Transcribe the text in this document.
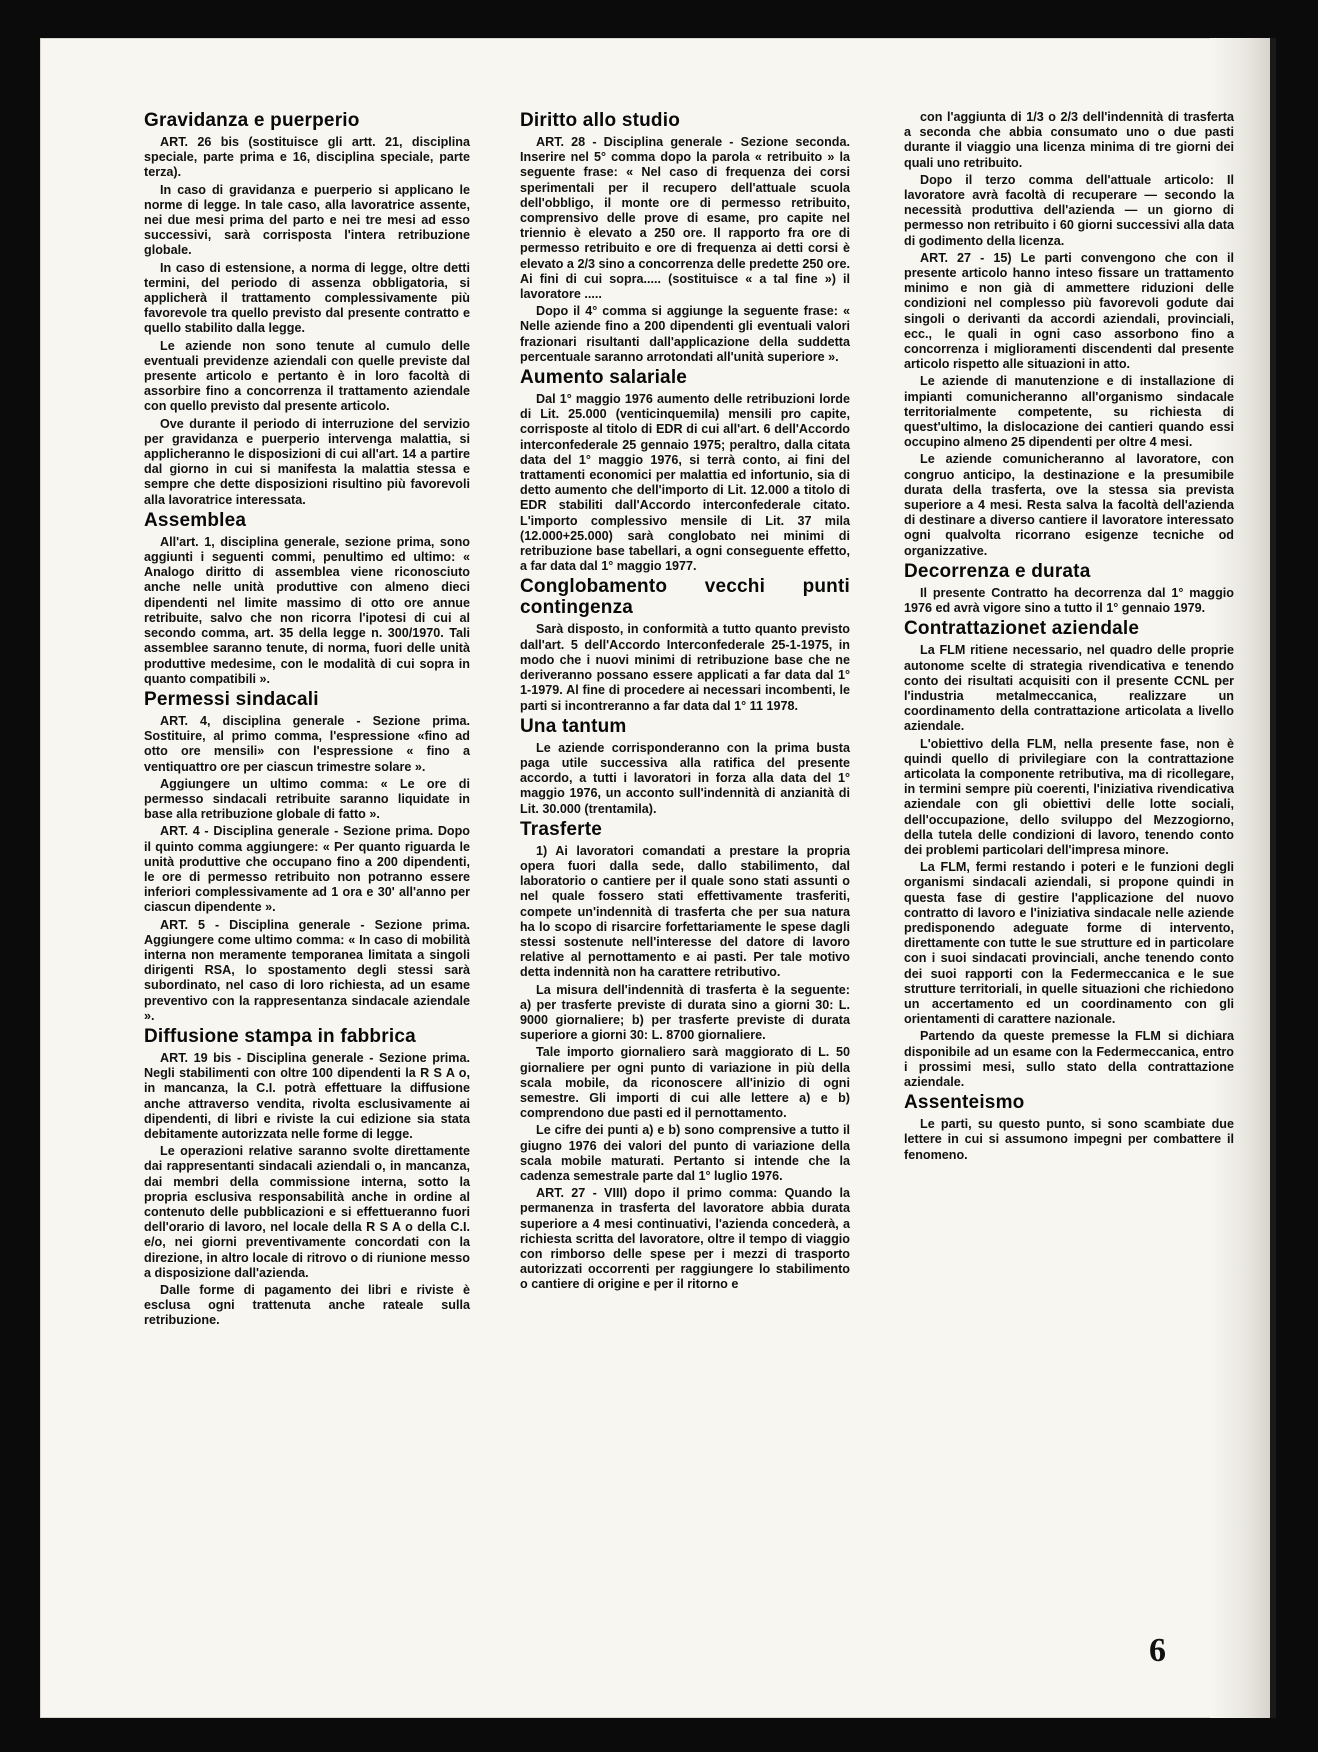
Gravidanza e puerperio

ART. 26 bis (sostituisce gli artt. 21, disciplina speciale, parte prima e 16, disciplina speciale, parte terza).

In caso di gravidanza e puerperio si applicano le norme di legge. In tale caso, alla lavoratrice assente, nei due mesi prima del parto e nei tre mesi ad esso successivi, sarà corrisposta l'intera retribuzione globale.

In caso di estensione, a norma di legge, oltre detti termini, del periodo di assenza obbligatoria, si applicherà il trattamento complessivamente più favorevole tra quello previsto dal presente contratto e quello stabilito dalla legge.

Le aziende non sono tenute al cumulo delle eventuali previdenze aziendali con quelle previste dal presente articolo e pertanto è in loro facoltà di assorbire fino a concorrenza il trattamento aziendale con quello previsto dal presente articolo.

Ove durante il periodo di interruzione del servizio per gravidanza e puerperio intervenga malattia, si applicheranno le disposizioni di cui all'art. 14 a partire dal giorno in cui si manifesta la malattia stessa e sempre che dette disposizioni risultino più favorevoli alla lavoratrice interessata.

Assemblea

All'art. 1, disciplina generale, sezione prima, sono aggiunti i seguenti commi, penultimo ed ultimo: « Analogo diritto di assemblea viene riconosciuto anche nelle unità produttive con almeno dieci dipendenti nel limite massimo di otto ore annue retribuite, salvo che non ricorra l'ipotesi di cui al secondo comma, art. 35 della legge n. 300/1970. Tali assemblee saranno tenute, di norma, fuori delle unità produttive medesime, con le modalità di cui sopra in quanto compatibili ».

Permessi sindacali

ART. 4, disciplina generale - Sezione prima. Sostituire, al primo comma, l'espressione «fino ad otto ore mensili» con l'espressione « fino a ventiquattro ore per ciascun trimestre solare ».

Aggiungere un ultimo comma: « Le ore di permesso sindacali retribuite saranno liquidate in base alla retribuzione globale di fatto ».

ART. 4 - Disciplina generale - Sezione prima. Dopo il quinto comma aggiungere: « Per quanto riguarda le unità produttive che occupano fino a 200 dipendenti, le ore di permesso retribuito non potranno essere inferiori complessivamente ad 1 ora e 30' all'anno per ciascun dipendente ».

ART. 5 - Disciplina generale - Sezione prima. Aggiungere come ultimo comma: « In caso di mobilità interna non meramente temporanea limitata a singoli dirigenti RSA, lo spostamento degli stessi sarà subordinato, nel caso di loro richiesta, ad un esame preventivo con la rappresentanza sindacale aziendale ».

Diffusione stampa in fabbrica

ART. 19 bis - Disciplina generale - Sezione prima. Negli stabilimenti con oltre 100 dipendenti la R S A o, in mancanza, la C.I. potrà effettuare la diffusione anche attraverso vendita, rivolta esclusivamente ai dipendenti, di libri e riviste la cui edizione sia stata debitamente autorizzata nelle forme di legge.

Le operazioni relative saranno svolte direttamente dai rappresentanti sindacali aziendali o, in mancanza, dai membri della commissione interna, sotto la propria esclusiva responsabilità anche in ordine al contenuto delle pubblicazioni e si effettueranno fuori dell'orario di lavoro, nel locale della R S A o della C.I. e/o, nei giorni preventivamente concordati con la direzione, in altro locale di ritrovo o di riunione messo a disposizione dall'azienda.

Dalle forme di pagamento dei libri e riviste è esclusa ogni trattenuta anche rateale sulla retribuzione.

Diritto allo studio

ART. 28 - Disciplina generale - Sezione seconda. Inserire nel 5° comma dopo la parola « retribuito » la seguente frase: « Nel caso di frequenza dei corsi sperimentali per il recupero dell'attuale scuola dell'obbligo, il monte ore di permesso retribuito, comprensivo delle prove di esame, pro capite nel triennio è elevato a 250 ore. Il rapporto fra ore di permesso retribuito e ore di frequenza ai detti corsi è elevato a 2/3 sino a concorrenza delle predette 250 ore. Ai fini di cui sopra..... (sostituisce « a tal fine ») il lavoratore .....

Dopo il 4° comma si aggiunge la seguente frase: « Nelle aziende fino a 200 dipendenti gli eventuali valori frazionari risultanti dall'applicazione della suddetta percentuale saranno arrotondati all'unità superiore ».

Aumento salariale

Dal 1° maggio 1976 aumento delle retribuzioni lorde di Lit. 25.000 (venticinquemila) mensili pro capite, corrisposte al titolo di EDR di cui all'art. 6 dell'Accordo interconfederale 25 gennaio 1975; peraltro, dalla citata data del 1° maggio 1976, si terrà conto, ai fini del trattamenti economici per malattia ed infortunio, sia di detto aumento che dell'importo di Lit. 12.000 a titolo di EDR stabiliti dall'Accordo interconfederale citato. L'importo complessivo mensile di Lit. 37 mila (12.000+25.000) sarà conglobato nei minimi di retribuzione base tabellari, a ogni conseguente effetto, a far data dal 1° maggio 1977.

Conglobamento vecchi punti contingenza

Sarà disposto, in conformità a tutto quanto previsto dall'art. 5 dell'Accordo Interconfederale 25-1-1975, in modo che i nuovi minimi di retribuzione base che ne deriveranno possano essere applicati a far data dal 1° 1-1979. Al fine di procedere ai necessari incombenti, le parti si incontreranno a far data dal 1° 11 1978.

Una tantum

Le aziende corrisponderanno con la prima busta paga utile successiva alla ratifica del presente accordo, a tutti i lavoratori in forza alla data del 1° maggio 1976, un acconto sull'indennità di anzianità di Lit. 30.000 (trentamila).

Trasferte

1) Ai lavoratori comandati a prestare la propria opera fuori dalla sede, dallo stabilimento, dal laboratorio o cantiere per il quale sono stati assunti o nel quale fossero stati effettivamente trasferiti, compete un'indennità di trasferta che per sua natura ha lo scopo di risarcire forfettariamente le spese dagli stessi sostenute nell'interesse del datore di lavoro relative al pernottamento e ai pasti. Per tale motivo detta indennità non ha carattere retributivo.

La misura dell'indennità di trasferta è la seguente: a) per trasferte previste di durata sino a giorni 30: L. 9000 giornaliere; b) per trasferte previste di durata superiore a giorni 30: L. 8700 giornaliere.

Tale importo giornaliero sarà maggiorato di L. 50 giornaliere per ogni punto di variazione in più della scala mobile, da riconoscere all'inizio di ogni semestre. Gli importi di cui alle lettere a) e b) comprendono due pasti ed il pernottamento.

Le cifre dei punti a) e b) sono comprensive a tutto il giugno 1976 dei valori del punto di variazione della scala mobile maturati. Pertanto si intende che la cadenza semestrale parte dal 1° luglio 1976.

ART. 27 - VIII) dopo il primo comma: Quando la permanenza in trasferta del lavoratore abbia durata superiore a 4 mesi continuativi, l'azienda concederà, a richiesta scritta del lavoratore, oltre il tempo di viaggio con rimborso delle spese per i mezzi di trasporto autorizzati occorrenti per raggiungere lo stabilimento o cantiere di origine e per il ritorno e

con l'aggiunta di 1/3 o 2/3 dell'indennità di trasferta a seconda che abbia consumato uno o due pasti durante il viaggio una licenza minima di tre giorni dei quali uno retribuito.

Dopo il terzo comma dell'attuale articolo: Il lavoratore avrà facoltà di recuperare — secondo la necessità produttiva dell'azienda — un giorno di permesso non retribuito i 60 giorni successivi alla data di godimento della licenza.

ART. 27 - 15) Le parti convengono che con il presente articolo hanno inteso fissare un trattamento minimo e non già di ammettere riduzioni delle condizioni nel complesso più favorevoli godute dai singoli o derivanti da accordi aziendali, provinciali, ecc., le quali in ogni caso assorbono fino a concorrenza i miglioramenti discendenti dal presente articolo rispetto alle situazioni in atto.

Le aziende di manutenzione e di installazione di impianti comunicheranno all'organismo sindacale territorialmente competente, su richiesta di quest'ultimo, la dislocazione dei cantieri quando essi occupino almeno 25 dipendenti per oltre 4 mesi.

Le aziende comunicheranno al lavoratore, con congruo anticipo, la destinazione e la presumibile durata della trasferta, ove la stessa sia prevista superiore a 4 mesi. Resta salva la facoltà dell'azienda di destinare a diverso cantiere il lavoratore interessato ogni qualvolta ricorrano esigenze tecniche od organizzative.

Decorrenza e durata

Il presente Contratto ha decorrenza dal 1° maggio 1976 ed avrà vigore sino a tutto il 1° gennaio 1979.

Contrattazionet aziendale

La FLM ritiene necessario, nel quadro delle proprie autonome scelte di strategia rivendicativa e tenendo conto dei risultati acquisiti con il presente CCNL per l'industria metalmeccanica, realizzare un coordinamento della contrattazione articolata a livello aziendale.

L'obiettivo della FLM, nella presente fase, non è quindi quello di privilegiare con la contrattazione articolata la componente retributiva, ma di ricollegare, in termini sempre più coerenti, l'iniziativa rivendicativa aziendale con gli obiettivi delle lotte sociali, dell'occupazione, dello sviluppo del Mezzogiorno, della tutela delle condizioni di lavoro, tenendo conto dei problemi particolari dell'impresa minore.

La FLM, fermi restando i poteri e le funzioni degli organismi sindacali aziendali, si propone quindi in questa fase di gestire l'applicazione del nuovo contratto di lavoro e l'iniziativa sindacale nelle aziende predisponendo adeguate forme di intervento, direttamente con tutte le sue strutture ed in particolare con i suoi sindacati provinciali, anche tenendo conto dei suoi rapporti con la Federmeccanica e le sue strutture territoriali, in quelle situazioni che richiedono un accertamento ed un coordinamento con gli orientamenti di carattere nazionale.

Partendo da queste premesse la FLM si dichiara disponibile ad un esame con la Federmeccanica, entro i prossimi mesi, sullo stato della contrattazione aziendale.

Assenteismo

Le parti, su questo punto, si sono scambiate due lettere in cui si assumono impegni per combattere il fenomeno.

6
